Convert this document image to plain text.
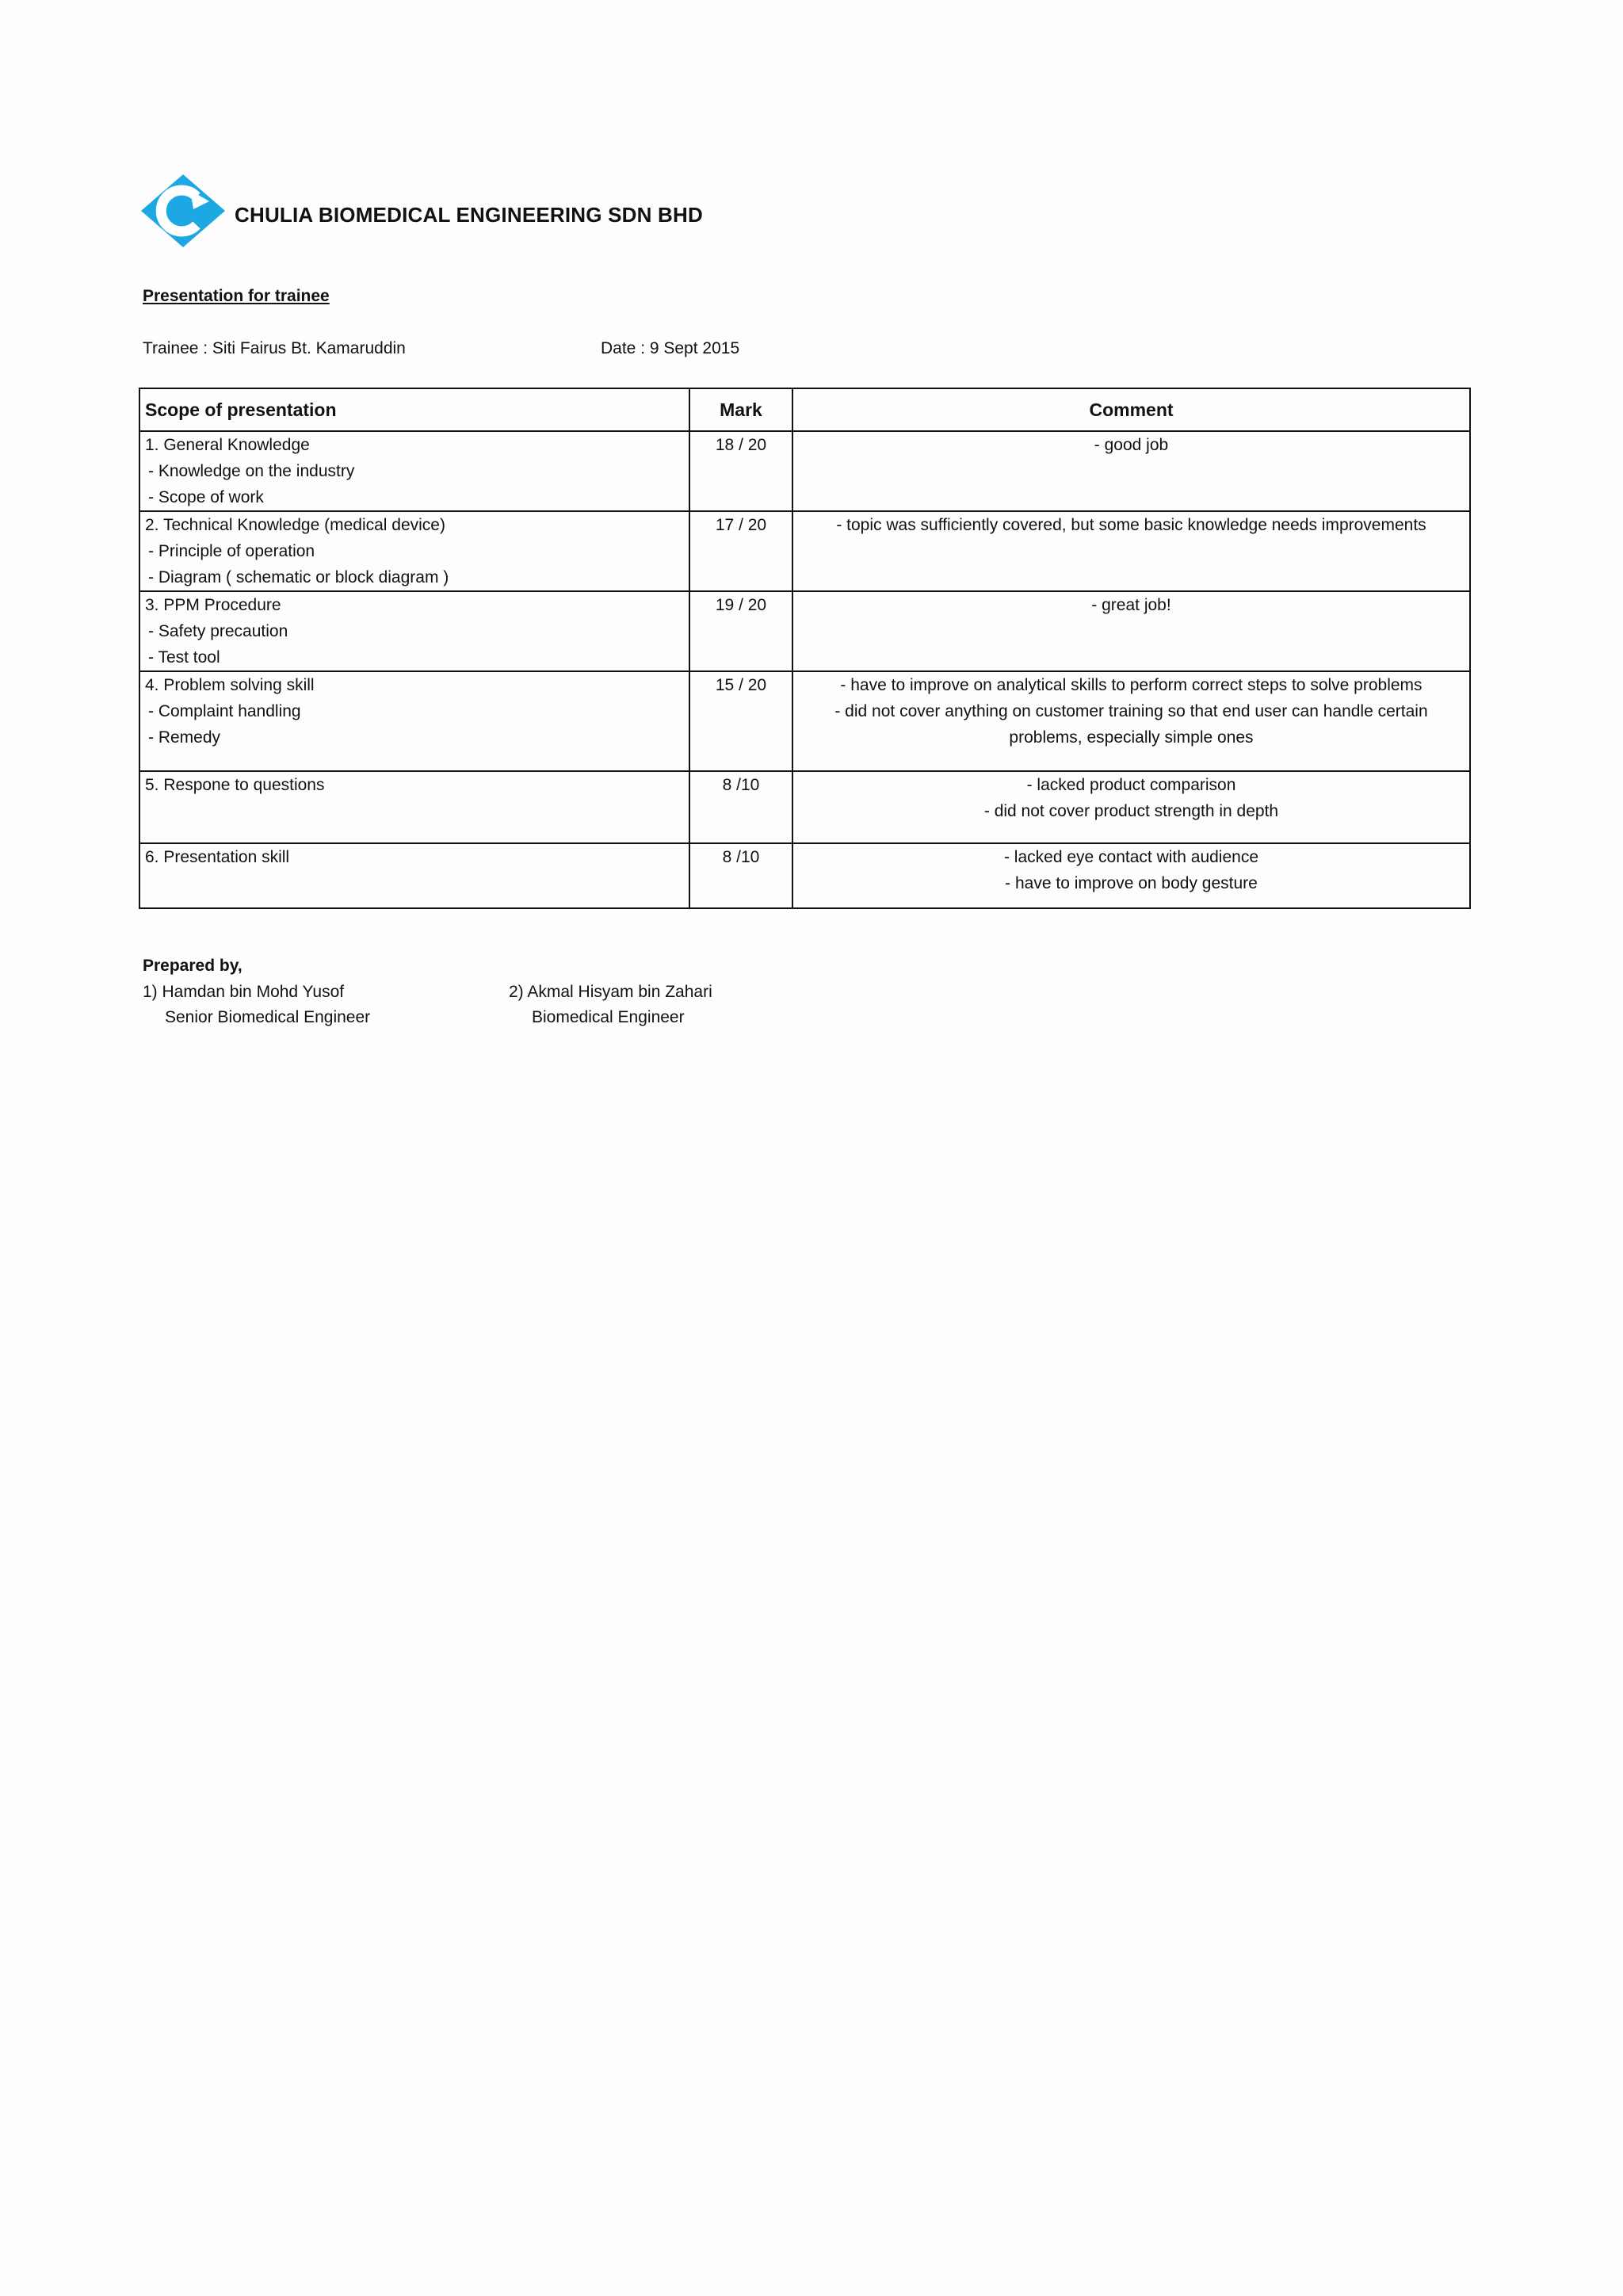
CHULIA BIOMEDICAL ENGINEERING SDN BHD
Presentation for trainee
Trainee : Siti Fairus Bt. Kamaruddin	Date : 9 Sept 2015
Scope of presentation	Mark	Comment

1. General Knowledge
- Knowledge on the industry
- Scope of work	18 / 20	- good job

2. Technical Knowledge (medical device)
- Principle of operation
- Diagram ( schematic or block diagram )	17 / 20	- topic was sufficiently covered, but some basic knowledge needs improvements

3. PPM Procedure
- Safety precaution
- Test tool	19 / 20	- great job!

4. Problem solving skill
- Complaint handling
- Remedy	15 / 20	- have to improve on analytical skills to perform correct steps to solve problems
- did not cover anything on customer training so that end user can handle certain problems, especially simple ones

5. Respone to questions	8 /10	- lacked product comparison
- did not cover product strength in depth

6. Presentation skill	8 /10	- lacked eye contact with audience
- have to improve on body gesture
Prepared by,
1) Hamdan bin Mohd Yusof
Senior Biomedical Engineer
2) Akmal Hisyam bin Zahari
Biomedical Engineer
